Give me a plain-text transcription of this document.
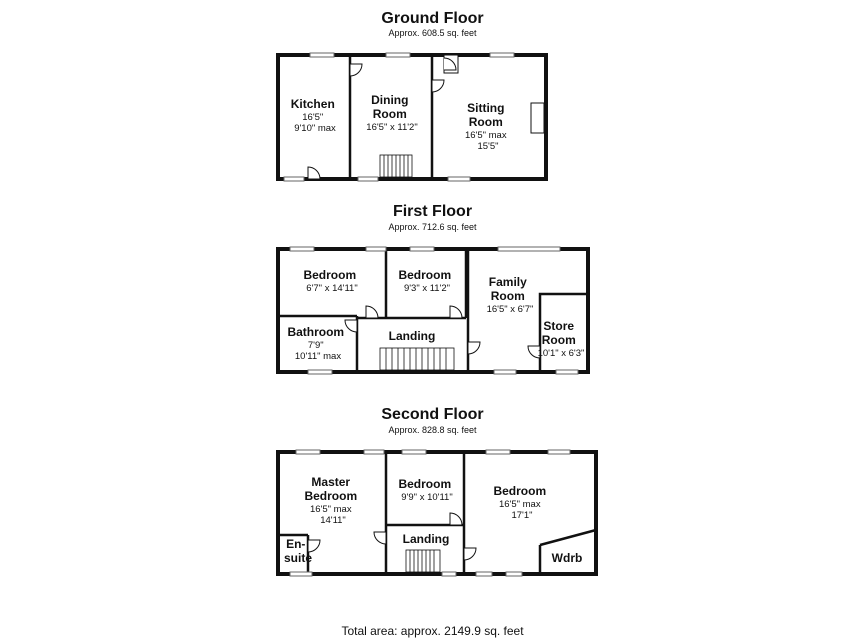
Ground Floor
Approx. 608.5 sq. feet
First Floor
Approx. 712.6 sq. feet
Second Floor
Approx. 828.8 sq. feet
Kitchen 16'5" 9'10" max
Dining Room 16'5" x 11'2"
Sitting Room 16'5" max 15'5"
Bedroom 6'7" x 14'11"
Bedroom 9'3" x 11'2"	Family Room 16'5" x 6'7"
Bathroom 7'9" 10'11" max
Landing
Store Room 10'1" x 6'3"
Master Bedroom 16'5" max 14'11"
Bedroom 9'9" x 10'11"	Bedroom 16'5" max 17'1"
En- suite
Landing
Wdrb
Total area: approx. 2149.9 sq. feet
